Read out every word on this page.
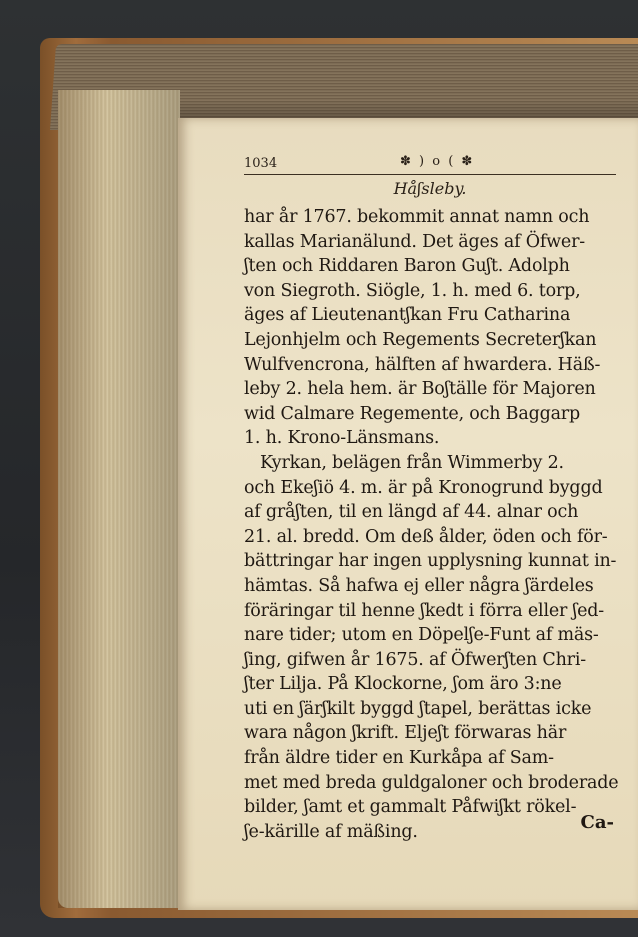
1034	✽ ) o ( ✽
Håʃsleby.
har år 1767. bekommit annat namn och
kallas Marianälund. Det äges af Öfwer-
ʃten och Riddaren Baron Guʃt. Adolph
von Siegroth. Siögle, 1. h. med 6. torp,
äges af Lieutenantʃkan Fru Catharina
Lejonhjelm och Regements Secreterʃkan
Wulfvencrona, hälften af hwardera. Häß-
leby 2. hela hem. är Boʃtälle för Majoren
wid Calmare Regemente, och Baggarp
1. h. Krono-Länsmans.
Kyrkan, belägen från Wimmerby 2.
och Ekeʃiö 4. m. är på Kronogrund byggd
af gråʃten, til en längd af 44. alnar och
21. al. bredd. Om deß ålder, öden och för-
bättringar har ingen upplysning kunnat in-
hämtas. Så hafwa ej eller några ʃärdeles
föräringar til henne ʃkedt i förra eller ʃed-
nare tider; utom en Döpelʃe-Funt af mäs-
ʃing, gifwen år 1675. af Öfwerʃten Chri-
ʃter Lilja. På Klockorne, ʃom äro 3:ne
uti en ʃärʃkilt byggd ʃtapel, berättas icke
wara någon ʃkrift. Eljeʃt förwaras här
från äldre tider en Kurkåpa af Sam-
met med breda guldgaloner och broderade
bilder, ʃamt et gammalt Påfwiʃkt rökel-
ʃe-kärille af mäßing.	Ca-
